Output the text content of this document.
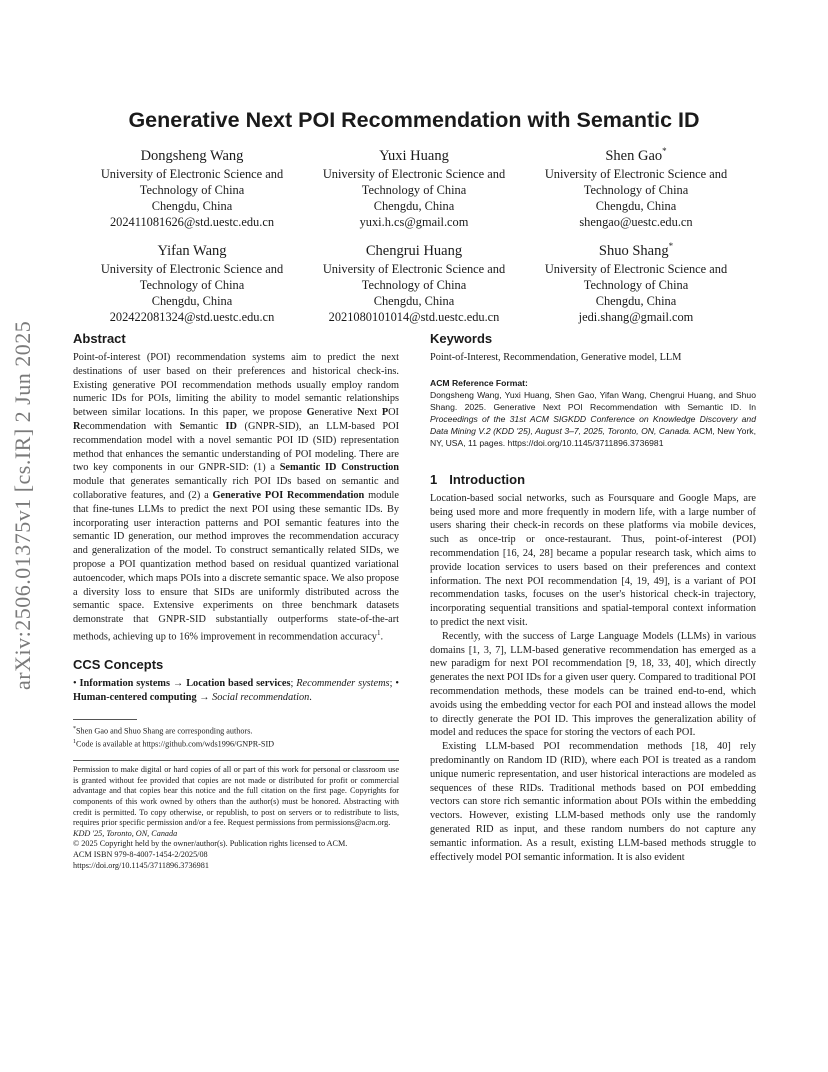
arXiv:2506.01375v1 [cs.IR] 2 Jun 2025
Generative Next POI Recommendation with Semantic ID
Dongsheng Wang
University of Electronic Science and
Technology of China
Chengdu, China
202411081626@std.uestc.edu.cn
Yuxi Huang
University of Electronic Science and
Technology of China
Chengdu, China
yuxi.h.cs@gmail.com
Shen Gao*
University of Electronic Science and
Technology of China
Chengdu, China
shengao@uestc.edu.cn
Yifan Wang
University of Electronic Science and
Technology of China
Chengdu, China
202422081324@std.uestc.edu.cn
Chengrui Huang
University of Electronic Science and
Technology of China
Chengdu, China
2021080101014@std.uestc.edu.cn
Shuo Shang*
University of Electronic Science and
Technology of China
Chengdu, China
jedi.shang@gmail.com
Abstract
Point-of-interest (POI) recommendation systems aim to predict the next destinations of user based on their preferences and historical check-ins. Existing generative POI recommendation methods usually employ random numeric IDs for POIs, limiting the ability to model semantic relationships between similar locations. In this paper, we propose Generative Next POI Recommendation with Semantic ID (GNPR-SID), an LLM-based POI recommendation model with a novel semantic POI ID (SID) representation method that enhances the semantic understanding of POI modeling. There are two key components in our GNPR-SID: (1) a Semantic ID Construction module that generates semantically rich POI IDs based on semantic and collaborative features, and (2) a Generative POI Recommendation module that fine-tunes LLMs to predict the next POI using these semantic IDs. By incorporating user interaction patterns and POI semantic features into the semantic ID generation, our method improves the recommendation accuracy and generalization of the model. To construct semantically related SIDs, we propose a POI quantization method based on residual quantized variational autoencoder, which maps POIs into a discrete semantic space. We also propose a diversity loss to ensure that SIDs are uniformly distributed across the semantic space. Extensive experiments on three benchmark datasets demonstrate that GNPR-SID substantially outperforms state-of-the-art methods, achieving up to 16% improvement in recommendation accuracy$^1$.
CCS Concepts
• Information systems → Location based services; Recommender systems; • Human-centered computing → Social recommendation.
*Shen Gao and Shuo Shang are corresponding authors.
$^1$Code is available at https://github.com/wds1996/GNPR-SID
Permission to make digital or hard copies of all or part of this work for personal or classroom use is granted without fee provided that copies are not made or distributed for profit or commercial advantage and that copies bear this notice and the full citation on the first page. Copyrights for components of this work owned by others than the author(s) must be honored. Abstracting with credit is permitted. To copy otherwise, or republish, to post on servers or to redistribute to lists, requires prior specific permission and/or a fee. Request permissions from permissions@acm.org.
KDD '25, Toronto, ON, Canada
© 2025 Copyright held by the owner/author(s). Publication rights licensed to ACM.
ACM ISBN 979-8-4007-1454-2/2025/08
https://doi.org/10.1145/3711896.3736981
Keywords
Point-of-Interest, Recommendation, Generative model, LLM
ACM Reference Format:
Dongsheng Wang, Yuxi Huang, Shen Gao, Yifan Wang, Chengrui Huang, and Shuo Shang. 2025. Generative Next POI Recommendation with Semantic ID. In Proceedings of the 31st ACM SIGKDD Conference on Knowledge Discovery and Data Mining V.2 (KDD '25), August 3–7, 2025, Toronto, ON, Canada. ACM, New York, NY, USA, 11 pages. https://doi.org/10.1145/3711896.3736981
1 Introduction
Location-based social networks, such as Foursquare and Google Maps, are being used more and more frequently in modern life, with a large number of users sharing their check-in records on these platforms via mobile devices, such as once-trip or once-restaurant. Thus, point-of-interest (POI) recommendation [16, 24, 28] became a popular research task, which aims to provide location services to users based on their preferences and context information. The next POI recommendation [4, 19, 49], is a variant of POI recommendation tasks, focuses on the user's historical check-in trajectory, incorporating sequential transitions and spatial-temporal context information to predict the next visit.
Recently, with the success of Large Language Models (LLMs) in various domains [1, 3, 7], LLM-based generative recommendation has emerged as a new paradigm for next POI recommendation [9, 18, 33, 40], which directly generates the next POI IDs for a given user query. Compared to traditional POI recommendation methods, these models can be trained end-to-end, which avoids using the embedding vector for each POI and instead allows the model to directly generate the POI ID. This improves the generalization ability of model and reduces the space for storing the vectors of each POI.
Existing LLM-based POI recommendation methods [18, 40] rely predominantly on Random ID (RID), where each POI is treated as a random unique numeric representation, and user historical interactions are modeled as sequences of these RIDs. Traditional methods based on POI embedding vectors can store rich semantic information about POIs within the embedding vectors. However, existing LLM-based methods only use the randomly generated RID as input, and these random numbers do not capture any semantic information. As a result, existing LLM-based methods struggle to effectively model POI semantic information. It is also evident
